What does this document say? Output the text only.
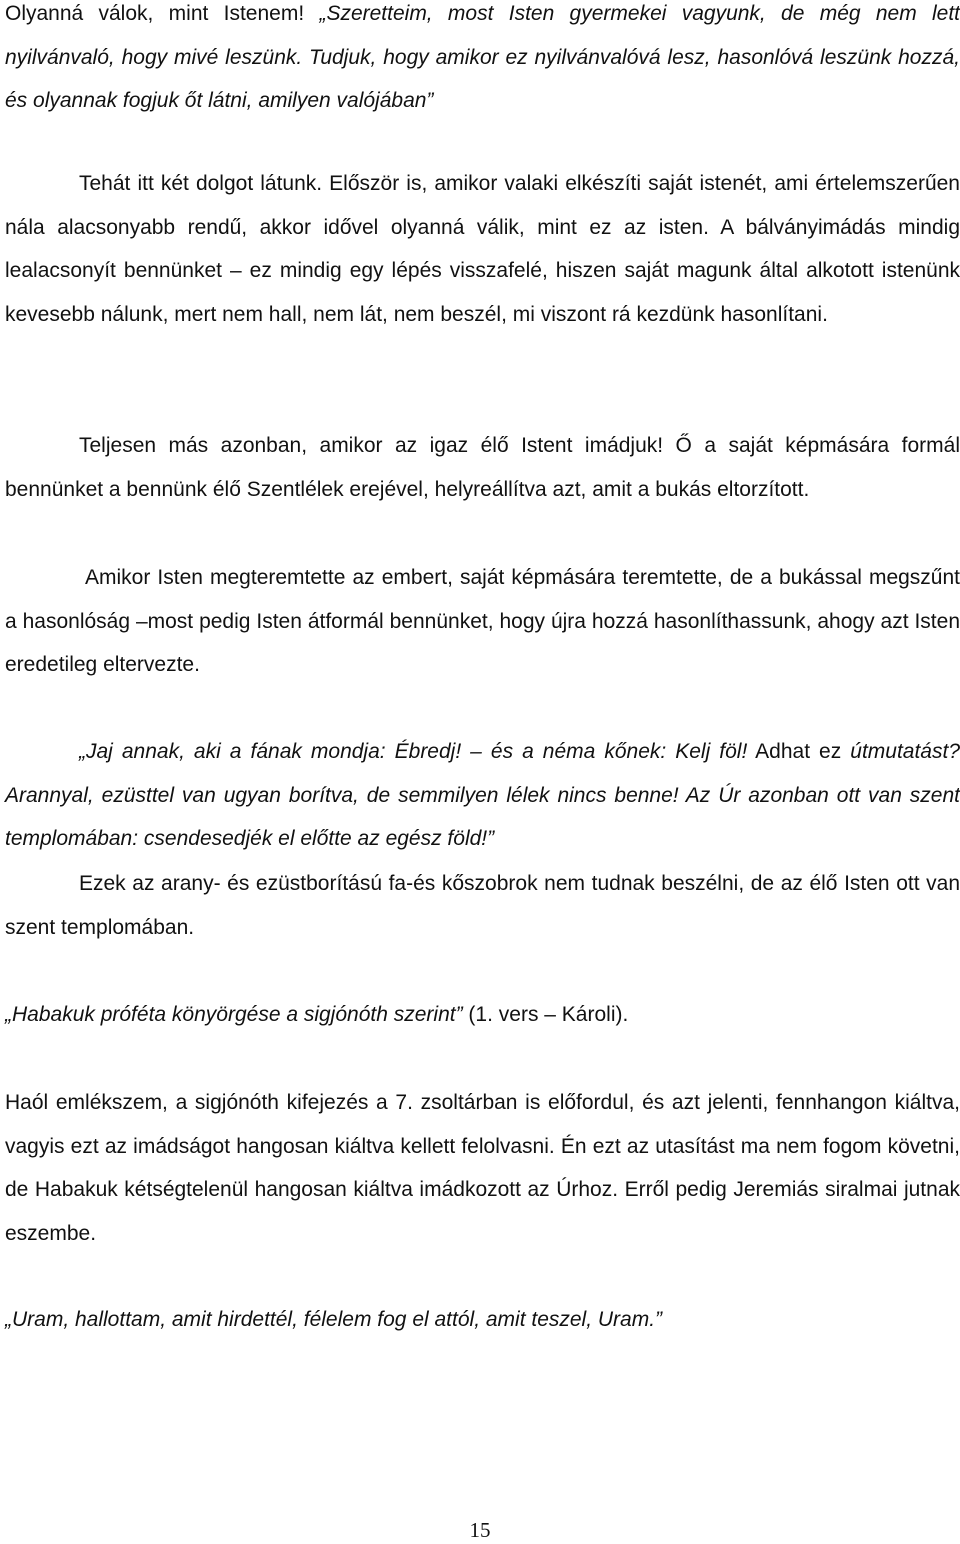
Olyanná válok, mint Istenem! „Szeretteim, most Isten gyermekei vagyunk, de még nem lett nyilvánvaló, hogy mivé leszünk. Tudjuk, hogy amikor ez nyilvánvalóvá lesz, hasonlóvá leszünk hozzá, és olyannak fogjuk őt látni, amilyen valójában”

Tehát itt két dolgot látunk. Először is, amikor valaki elkészíti saját istenét, ami értelemszerűen nála alacsonyabb rendű, akkor idővel olyanná válik, mint ez az isten. A bálványimádás mindig lealacsonyít bennünket – ez mindig egy lépés visszafelé, hiszen saját magunk által alkotott istenünk kevesebb nálunk, mert nem hall, nem lát, nem beszél, mi viszont rá kezdünk hasonlítani.

Teljesen más azonban, amikor az igaz élő Istent imádjuk! Ő a saját képmására formál bennünket a bennünk élő Szentlélek erejével, helyreállítva azt, amit a bukás eltorzított.

Amikor Isten megteremtette az embert, saját képmására teremtette, de a bukással megszűnt a hasonlóság –most pedig Isten átformál bennünket, hogy újra hozzá hasonlíthassunk, ahogy azt Isten eredetileg eltervezte.

„Jaj annak, aki a fának mondja: Ébredj! – és a néma kőnek: Kelj föl! Adhat ez útmutatást? Arannyal, ezüsttel van ugyan borítva, de semmilyen lélek nincs benne! Az Úr azonban ott van szent templomában: csendesedjék el előtte az egész föld!”

Ezek az arany- és ezüstborítású fa-és kőszobrok nem tudnak beszélni, de az élő Isten ott van szent templomában.

„Habakuk próféta könyörgése a sigjónóth szerint” (1. vers – Károli).

Haól emlékszem, a sigjónóth kifejezés a 7. zsoltárban is előfordul, és azt jelenti, fennhangon kiáltva, vagyis ezt az imádságot hangosan kiáltva kellett felolvasni. Én ezt az utasítást ma nem fogom követni, de Habakuk kétségtelenül hangosan kiáltva imádkozott az Úrhoz. Erről pedig Jeremiás siralmai jutnak eszembe.

„Uram, hallottam, amit hirdettél, félelem fog el attól, amit teszel, Uram.”

15
